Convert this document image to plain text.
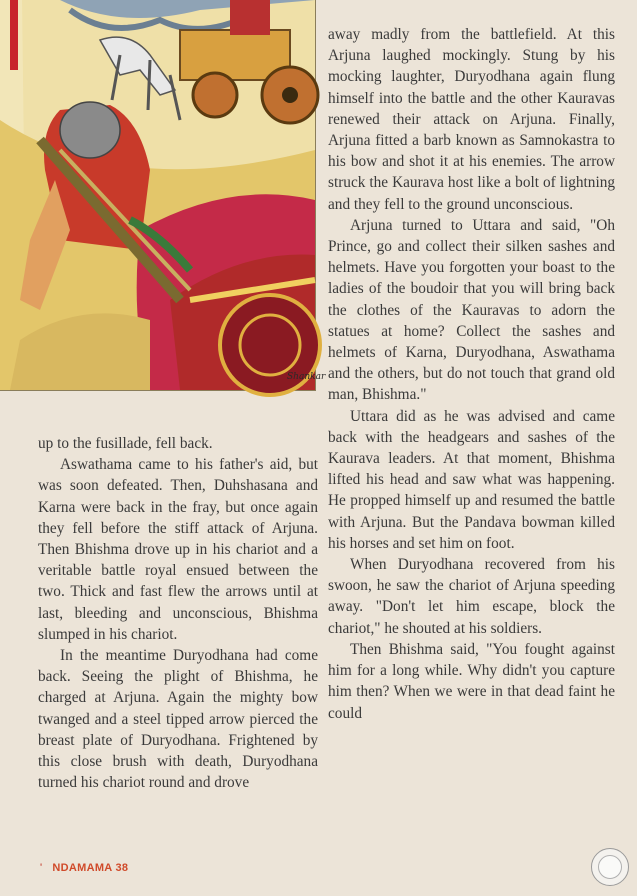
Shankar

up to the fusillade, fell back.

Aswathama came to his father's aid, but was soon defeated. Then, Duhshasana and Karna were back in the fray, but once again they fell before the stiff attack of Arjuna. Then Bhishma drove up in his chariot and a veritable battle royal ensued between the two. Thick and fast flew the arrows until at last, bleeding and unconscious, Bhishma slumped in his chariot.

In the meantime Duryodhana had come back. Seeing the plight of Bhishma, he charged at Arjuna. Again the mighty bow twanged and a steel tipped arrow pierced the breast plate of Duryodhana. Frightened by this close brush with death, Duryodhana turned his chariot round and drove

away madly from the battlefield. At this Arjuna laughed mockingly. Stung by his mocking laughter, Duryodhana again flung himself into the battle and the other Kauravas renewed their attack on Arjuna. Finally, Arjuna fitted a barb known as Samnokastra to his bow and shot it at his enemies. The arrow struck the Kaurava host like a bolt of lightning and they fell to the ground unconscious.

Arjuna turned to Uttara and said, "Oh Prince, go and collect their silken sashes and helmets. Have you forgotten your boast to the ladies of the boudoir that you will bring back the clothes of the Kauravas to adorn the statues at home? Collect the sashes and helmets of Karna, Duryodhana, Aswathama and the others, but do not touch that grand old man, Bhishma."

Uttara did as he was advised and came back with the headgears and sashes of the Kaurava leaders. At that moment, Bhishma lifted his head and saw what was happening. He propped himself up and resumed the battle with Arjuna. But the Pandava bowman killed his horses and set him on foot.

When Duryodhana recovered from his swoon, he saw the chariot of Arjuna speeding away. "Don't let him escape, block the chariot," he shouted at his soldiers.

Then Bhishma said, "You fought against him for a long while. Why didn't you capture him then? When we were in that dead faint he could

' NDAMAMA 38
